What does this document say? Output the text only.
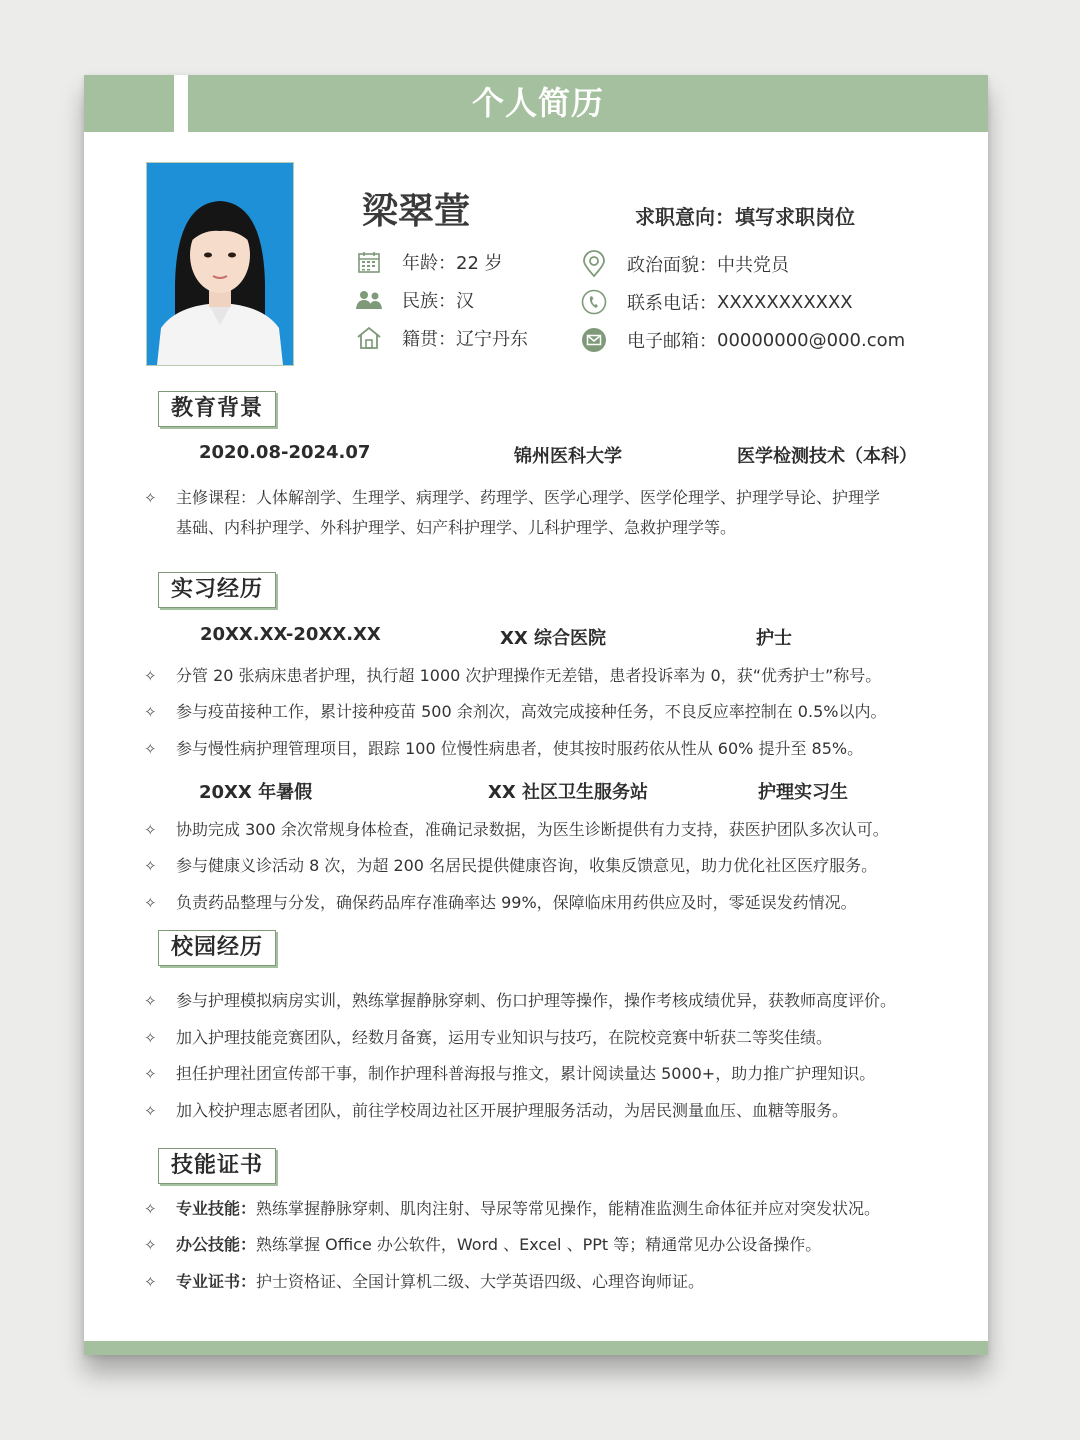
个人简历
梁翠萱	求职意向：填写求职岗位
年龄： 22 岁
民族： 汉
籍贯： 辽宁丹东
政治面貌： 中共党员
联系电话： XXXXXXXXXXX
电子邮箱： 00000000@000.com
教育背景
2020.08-2024.07	锦州医科大学	医学检测技术（本科）
✧ 主修课程：人体解剖学、生理学、病理学、药理学、医学心理学、医学伦理学、护理学导论、护理学
基础、内科护理学、外科护理学、妇产科护理学、儿科护理学、急救护理学等。
实习经历
20XX.XX-20XX.XX	XX 综合医院	护士
✧ 分管 20 张病床患者护理，执行超 1000 次护理操作无差错，患者投诉率为 0，获“优秀护士”称号。
✧ 参与疫苗接种工作，累计接种疫苗 500 余剂次，高效完成接种任务，不良反应率控制在 0.5%以内。
✧ 参与慢性病护理管理项目，跟踪 100 位慢性病患者，使其按时服药依从性从 60% 提升至 85%。
20XX 年暑假	XX 社区卫生服务站	护理实习生
✧ 协助完成 300 余次常规身体检查，准确记录数据，为医生诊断提供有力支持，获医护团队多次认可。
✧ 参与健康义诊活动 8 次，为超 200 名居民提供健康咨询，收集反馈意见，助力优化社区医疗服务。
✧ 负责药品整理与分发，确保药品库存准确率达 99%，保障临床用药供应及时，零延误发药情况。
校园经历
✧ 参与护理模拟病房实训，熟练掌握静脉穿刺、伤口护理等操作，操作考核成绩优异，获教师高度评价。
✧ 加入护理技能竞赛团队，经数月备赛，运用专业知识与技巧，在院校竞赛中斩获二等奖佳绩。
✧ 担任护理社团宣传部干事，制作护理科普海报与推文，累计阅读量达 5000+，助力推广护理知识。
✧ 加入校护理志愿者团队，前往学校周边社区开展护理服务活动，为居民测量血压、血糖等服务。
技能证书
✧ 专业技能：熟练掌握静脉穿刺、肌肉注射、导尿等常见操作，能精准监测生命体征并应对突发状况。
✧ 办公技能：熟练掌握 Office 办公软件，Word 、Excel 、PPt 等；精通常见办公设备操作。
✧ 专业证书：护士资格证、全国计算机二级、大学英语四级、心理咨询师证。
